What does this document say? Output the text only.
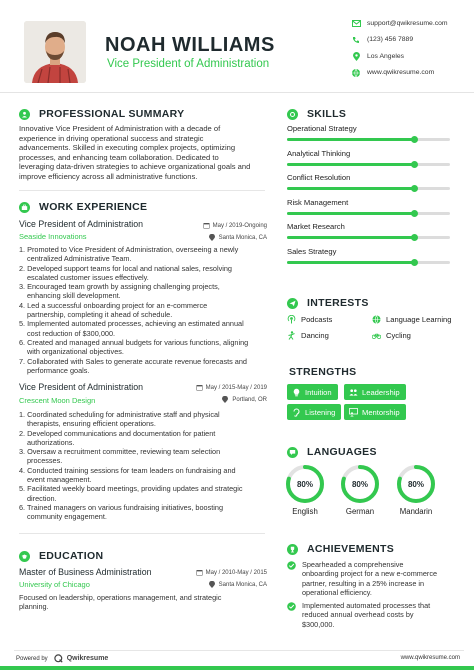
NOAH WILLIAMS
Vice President of Administration
support@qwikresume.com
(123) 456 7889
Los Angeles
www.qwikresume.com
PROFESSIONAL SUMMARY
Innovative Vice President of Administration with a decade of
experience in driving operational success and strategic
advancements. Skilled in executing complex projects, optimizing
processes, and enhancing team collaboration. Dedicated to
leveraging data-driven strategies to achieve organizational goals and
improve efficiency across all administrative functions.
WORK EXPERIENCE
Vice President of Administration	May / 2019-Ongoing
Seaside Innovations	Santa Monica, CA
1. Promoted to Vice President of Administration, overseeing a newly
centralized Administrative Team.
2. Developed support teams for local and national sales, resolving
escalated customer issues effectively.
3. Encouraged team growth by assigning challenging projects,
enhancing skill development.
4. Led a successful onboarding project for an e-commerce
partnership, completing it ahead of schedule.
5. Implemented automated processes, achieving an estimated annual
cost reduction of $300,000.
6. Created and managed annual budgets for various functions, aligning
with organizational objectives.
7. Collaborated with Sales to generate accurate revenue forecasts and
performance goals.
Vice President of Administration	May / 2015-May / 2019
Crescent Moon Design	Portland, OR
1. Coordinated scheduling for administrative staff and physical
therapists, ensuring efficient operations.
2. Developed communications and documentation for patient
authorizations.
3. Oversaw a recruitment committee, reviewing team selection
processes.
4. Conducted training sessions for team leaders on fundraising and
event management.
5. Facilitated weekly board meetings, providing updates and strategic
direction.
6. Trained managers on various fundraising initiatives, boosting
community engagement.
EDUCATION
Master of Business Administration	May / 2010-May / 2015
University of Chicago	Santa Monica, CA
Focused on leadership, operations management, and strategic
planning.
SKILLS
Operational Strategy
Analytical Thinking
Conflict Resolution
Risk Management
Market Research
Sales Strategy
INTERESTS
Podcasts	Language Learning
Dancing	Cycling
STRENGTHS
Intuition	Leadership
Listening	Mentorship
LANGUAGES
80%
English
80%
German
80%
Mandarin
ACHIEVEMENTS
Spearheaded a comprehensive
onboarding project for a new e-commerce
partner, resulting in a 25% increase in
operational efficiency.
Implemented automated processes that
reduced annual overhead costs by
$300,000.
Powered by	Qwikresume	www.qwikresume.com
